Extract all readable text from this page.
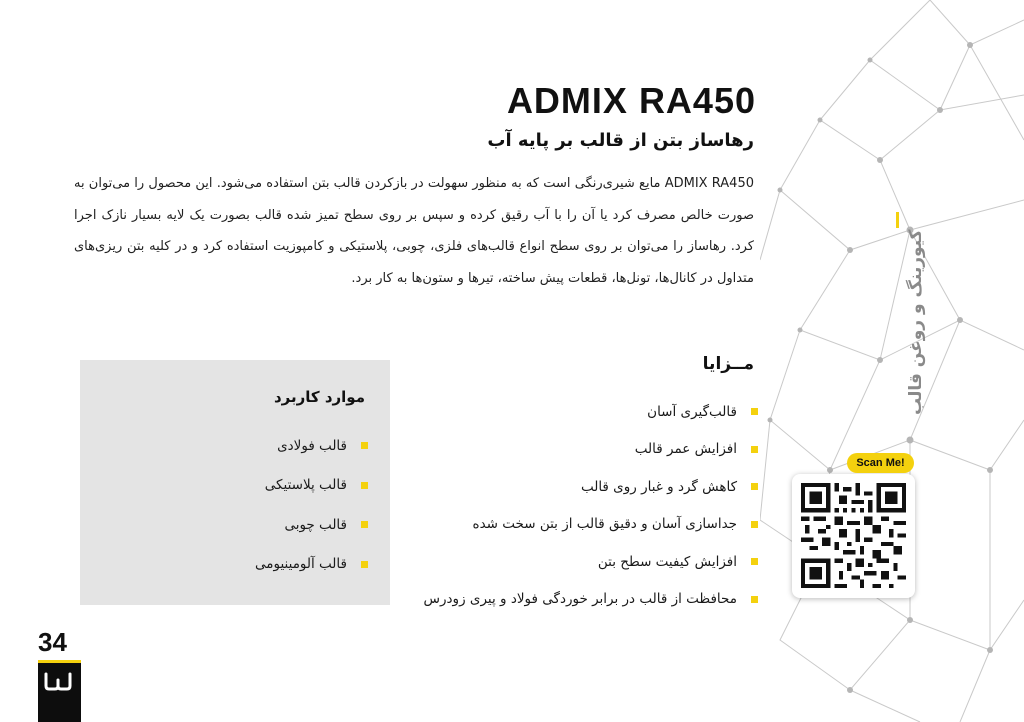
ADMIX RA450
رهاساز بتن از قالب بر پایه آب

ADMIX RA450 مایع شیری‌رنگی است که به منظور سهولت در بازکردن قالب بتن استفاده می‌شود. این محصول را می‌توان به صورت خالص مصرف کرد یا آن را با آب رقیق کرده و سپس بر روی سطح تمیز شده قالب بصورت یک لایه بسیار نازک اجرا کرد. رهاساز را می‌توان بر روی سطح انواع قالب‌های فلزی، چوبی، پلاستیکی و کامپوزیت استفاده کرد و در کلیه بتن ریزی‌های متداول در کانال‌ها، تونل‌ها، قطعات پیش ساخته، تیرها و ستون‌ها به کار برد.	کیورینگ و روغن قالب
مــزایا
قالب‌گیری آسان
افزایش عمر قالب
کاهش گرد و غبار روی قالب
جداسازی آسان و دقیق قالب از بتن سخت شده
افزایش کیفیت سطح بتن
محافظت از قالب در برابر خوردگی فولاد و پیری زودرس
موارد کاربرد
قالب فولادی
قالب پلاستیکی
قالب چوبی
قالب آلومینیومی
Scan Me!
34
